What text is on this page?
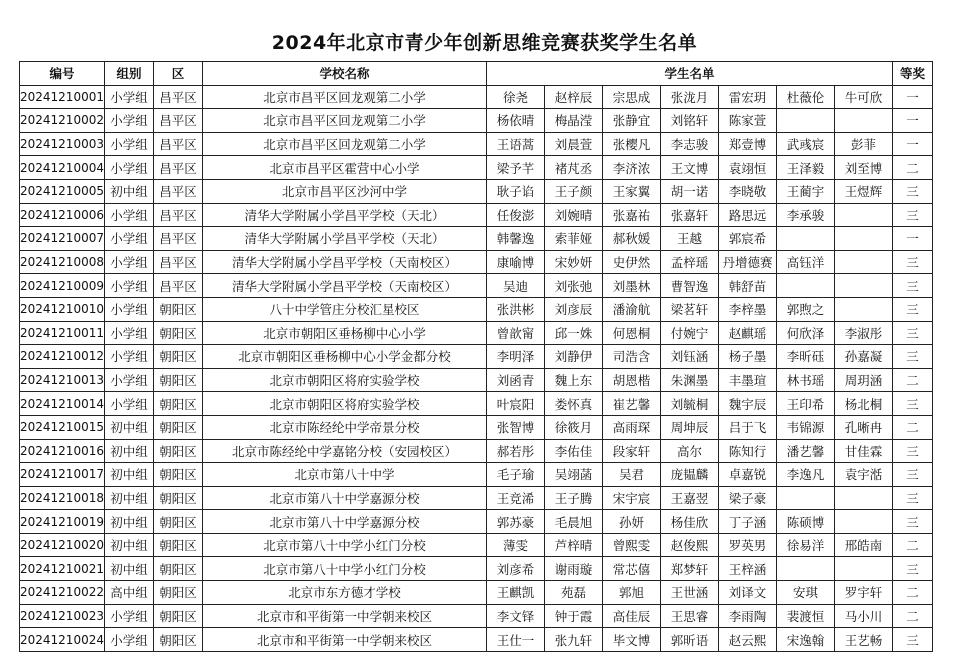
2024年北京市青少年创新思维竞赛获奖学生名单
编号	组别	区	学校名称	学生名单							等奖
20241210001	小学组	昌平区	北京市昌平区回龙观第二小学	徐尧	赵梓辰	宗思成	张泷月	雷宏玥	杜薇伦	牛可欣	一
20241210002	小学组	昌平区	北京市昌平区回龙观第二小学	杨依晴	梅晶滢	张静宜	刘铭轩	陈家萱			一
20241210003	小学组	昌平区	北京市昌平区回龙观第二小学	王语蒿	刘晨萱	张樱凡	李志骏	郑壹博	武彧宸	彭菲	一
20241210004	小学组	昌平区	北京市昌平区霍营中心小学	梁予芊	褚芃丞	李济浓	王文博	袁翊恒	王泽毅	刘至博	二
20241210005	初中组	昌平区	北京市昌平区沙河中学	耿子谄	王子颜	王家翼	胡一诺	李晓敬	王蔺宇	王煜辉	三
20241210006	小学组	昌平区	清华大学附属小学昌平学校（天北）	任俊澎	刘婉晴	张嘉祐	张嘉轩	路思远	李承骏		三
20241210007	小学组	昌平区	清华大学附属小学昌平学校（天北）	韩馨逸	索菲娅	郝秋媛	王越	郭宸希			一
20241210008	小学组	昌平区	清华大学附属小学昌平学校（天南校区）	康喻博	宋妙妍	史伊然	孟梓瑶	丹增德赛	高钰洋		三
20241210009	小学组	昌平区	清华大学附属小学昌平学校（天南校区）	吴迪	刘张弛	刘墨林	曹智逸	韩舒苗			三
20241210010	小学组	朝阳区	八十中学管庄分校汇星校区	张洪彬	刘彦辰	潘渝航	梁茗轩	李梓墨	郭煦之		三
20241210011	小学组	朝阳区	北京市朝阳区垂杨柳中心小学	曾歆甯	邱一姝	何恩桐	付婉宁	赵麒瑶	何欣泽	李淑彤	三
20241210012	小学组	朝阳区	北京市朝阳区垂杨柳中心小学金都分校	李明泽	刘静伊	司浩含	刘钰涵	杨子墨	李昕砡	孙嘉凝	三
20241210013	小学组	朝阳区	北京市朝阳区将府实验学校	刘函青	魏上东	胡恩楷	朱渊墨	丰墨瑄	林书瑶	周玥涵	二
20241210014	小学组	朝阳区	北京市朝阳区将府实验学校	叶宸阳	娄怀真	崔艺馨	刘毓桐	魏宇辰	王印希	杨北桐	三
20241210015	初中组	朝阳区	北京市陈经纶中学帝景分校	张智博	徐筱月	高雨琛	周坤辰	吕于飞	韦锦源	孔晰冉	二
20241210016	初中组	朝阳区	北京市陈经纶中学嘉铭分校（安园校区）	郝若彤	李佑佳	段家轩	高尔	陈知行	潘艺馨	甘佳霖	三
20241210017	初中组	朝阳区	北京市第八十中学	毛子瑜	吴翊菡	吴君	庞韫麟	卓嘉锐	李逸凡	袁宇湉	三
20241210018	初中组	朝阳区	北京市第八十中学嘉源分校	王竞浠	王子腾	宋宇宸	王嘉翌	梁子豪			三
20241210019	初中组	朝阳区	北京市第八十中学嘉源分校	郭苏豪	毛晨旭	孙妍	杨佳欣	丁子涵	陈硕博		三
20241210020	初中组	朝阳区	北京市第八十中学小红门分校	薄雯	芦梓晴	曾熙雯	赵俊熙	罗英男	徐易洋	邢皓南	二
20241210021	初中组	朝阳区	北京市第八十中学小红门分校	刘彦希	谢雨璇	常芯僖	郑梦轩	王梓涵			三
20241210022	高中组	朝阳区	北京市东方德才学校	王麒凯	苑磊	郭旭	王世涵	刘译文	安琪	罗宇轩	二
20241210023	小学组	朝阳区	北京市和平街第一中学朝来校区	李文铎	钟于霞	高佳辰	王思睿	李雨陶	裴渡恒	马小川	二
20241210024	小学组	朝阳区	北京市和平街第一中学朝来校区	王仕一	张九轩	毕文博	郭昕语	赵云熙	宋逸翰	王艺畅	三
